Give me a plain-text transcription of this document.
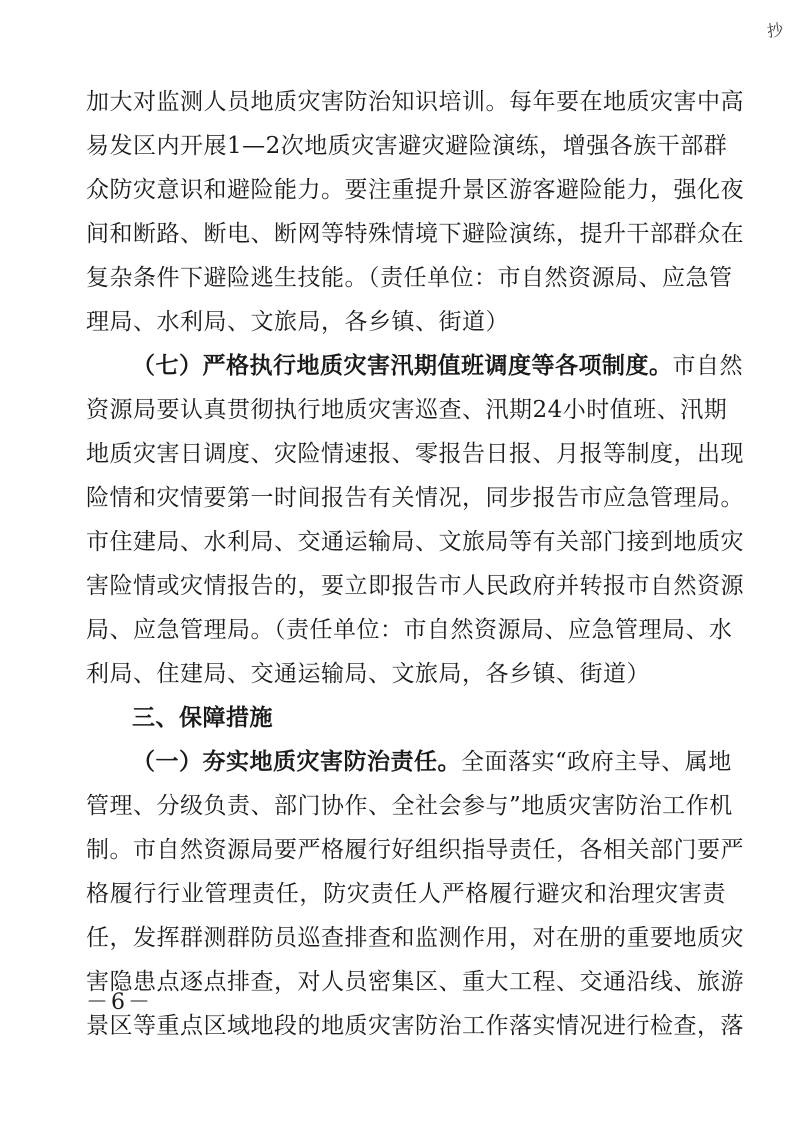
抄
加大对监测人员地质灾害防治知识培训。每年要在地质灾害中高
易发区内开展1—2次地质灾害避灾避险演练，增强各族干部群
众防灾意识和避险能力。要注重提升景区游客避险能力，强化夜
间和断路、断电、断网等特殊情境下避险演练，提升干部群众在
复杂条件下避险逃生技能。（责任单位：市自然资源局、应急管
理局、水利局、文旅局，各乡镇、街道）
（七）严格执行地质灾害汛期值班调度等各项制度。市自然
资源局要认真贯彻执行地质灾害巡查、汛期24小时值班、汛期
地质灾害日调度、灾险情速报、零报告日报、月报等制度，出现
险情和灾情要第一时间报告有关情况，同步报告市应急管理局。
市住建局、水利局、交通运输局、文旅局等有关部门接到地质灾
害险情或灾情报告的，要立即报告市人民政府并转报市自然资源
局、应急管理局。（责任单位：市自然资源局、应急管理局、水
利局、住建局、交通运输局、文旅局，各乡镇、街道）
三、保障措施
（一）夯实地质灾害防治责任。全面落实“政府主导、属地
管理、分级负责、部门协作、全社会参与”地质灾害防治工作机
制。市自然资源局要严格履行好组织指导责任，各相关部门要严
格履行行业管理责任，防灾责任人严格履行避灾和治理灾害责
任，发挥群测群防员巡查排查和监测作用，对在册的重要地质灾
害隐患点逐点排查，对人员密集区、重大工程、交通沿线、旅游
景区等重点区域地段的地质灾害防治工作落实情况进行检查，落
－6－
